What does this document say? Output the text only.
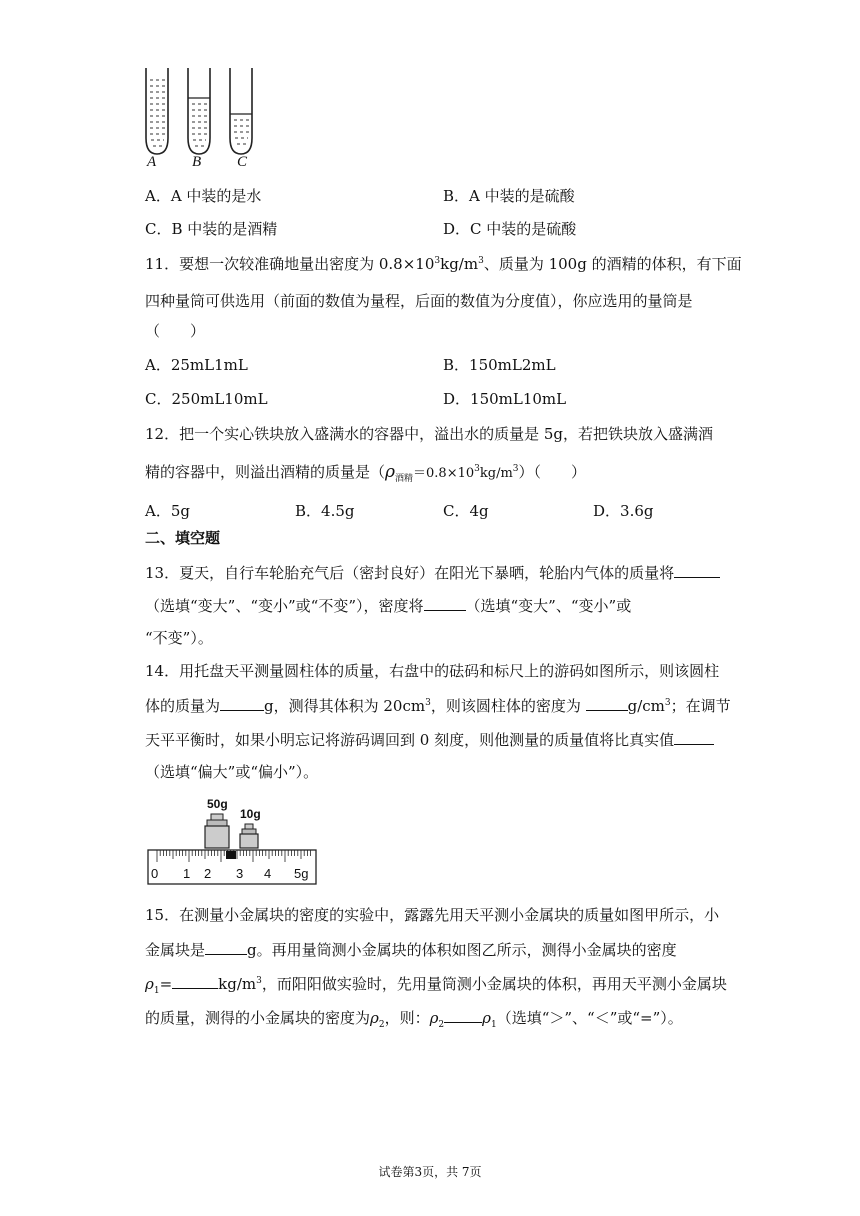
A B C
A．A 中装的是水	B．A 中装的是硫酸
C．B 中装的是酒精	D．C 中装的是硫酸
11．要想一次较准确地量出密度为 $0.8\times 10^3kg/m^3$、质量为 100g 的酒精的体积，有下面
四种量筒可供选用（前面的数值为量程，后面的数值为分度值），你应选用的量筒是
（　　）
A．25mL1mL	B．150mL2mL
C．250mL10mL	D．150mL10mL
12．把一个实心铁块放入盛满水的容器中，溢出水的质量是 5g，若把铁块放入盛满酒
精的容器中，则溢出酒精的质量是$(\rho_{酒精}=0.8\times 10^3kg/m^3)$（　　）
A．5g	B．4.5g	C．4g	D．3.6g
二、填空题
13．夏天，自行车轮胎充气后（密封良好）在阳光下暴晒，轮胎内气体的质量将
（选填“变大”、“变小”或“不变”），密度将	（选填“变大”、“变小”或
“不变”）。
14．用托盘天平测量圆柱体的质量，右盘中的砝码和标尺上的游码如图所示，则该圆柱
体的质量为	g，测得其体积为 $20cm^3$，则该圆柱体的密度为	$g/cm^3$；在调节
天平平衡时，如果小明忘记将游码调回到 0 刻度，则他测量的质量值将比真实值
（选填“偏大”或“偏小”）。
50g
10g
0 1 2 3 4 5g
15．在测量小金属块的密度的实验中，露露先用天平测小金属块的质量如图甲所示，小
金属块是	g。再用量筒测小金属块的体积如图乙所示，测得小金属块的密度
$\rho_1=$	$kg/m^3$，而阳阳做实验时，先用量筒测小金属块的体积，再用天平测小金属块
的质量，测得的小金属块的密度为$\rho_2$，则：$\rho_2$	$\rho_1$（选填“＞”、“＜”或“=”）。
试卷第3页，共 7页
